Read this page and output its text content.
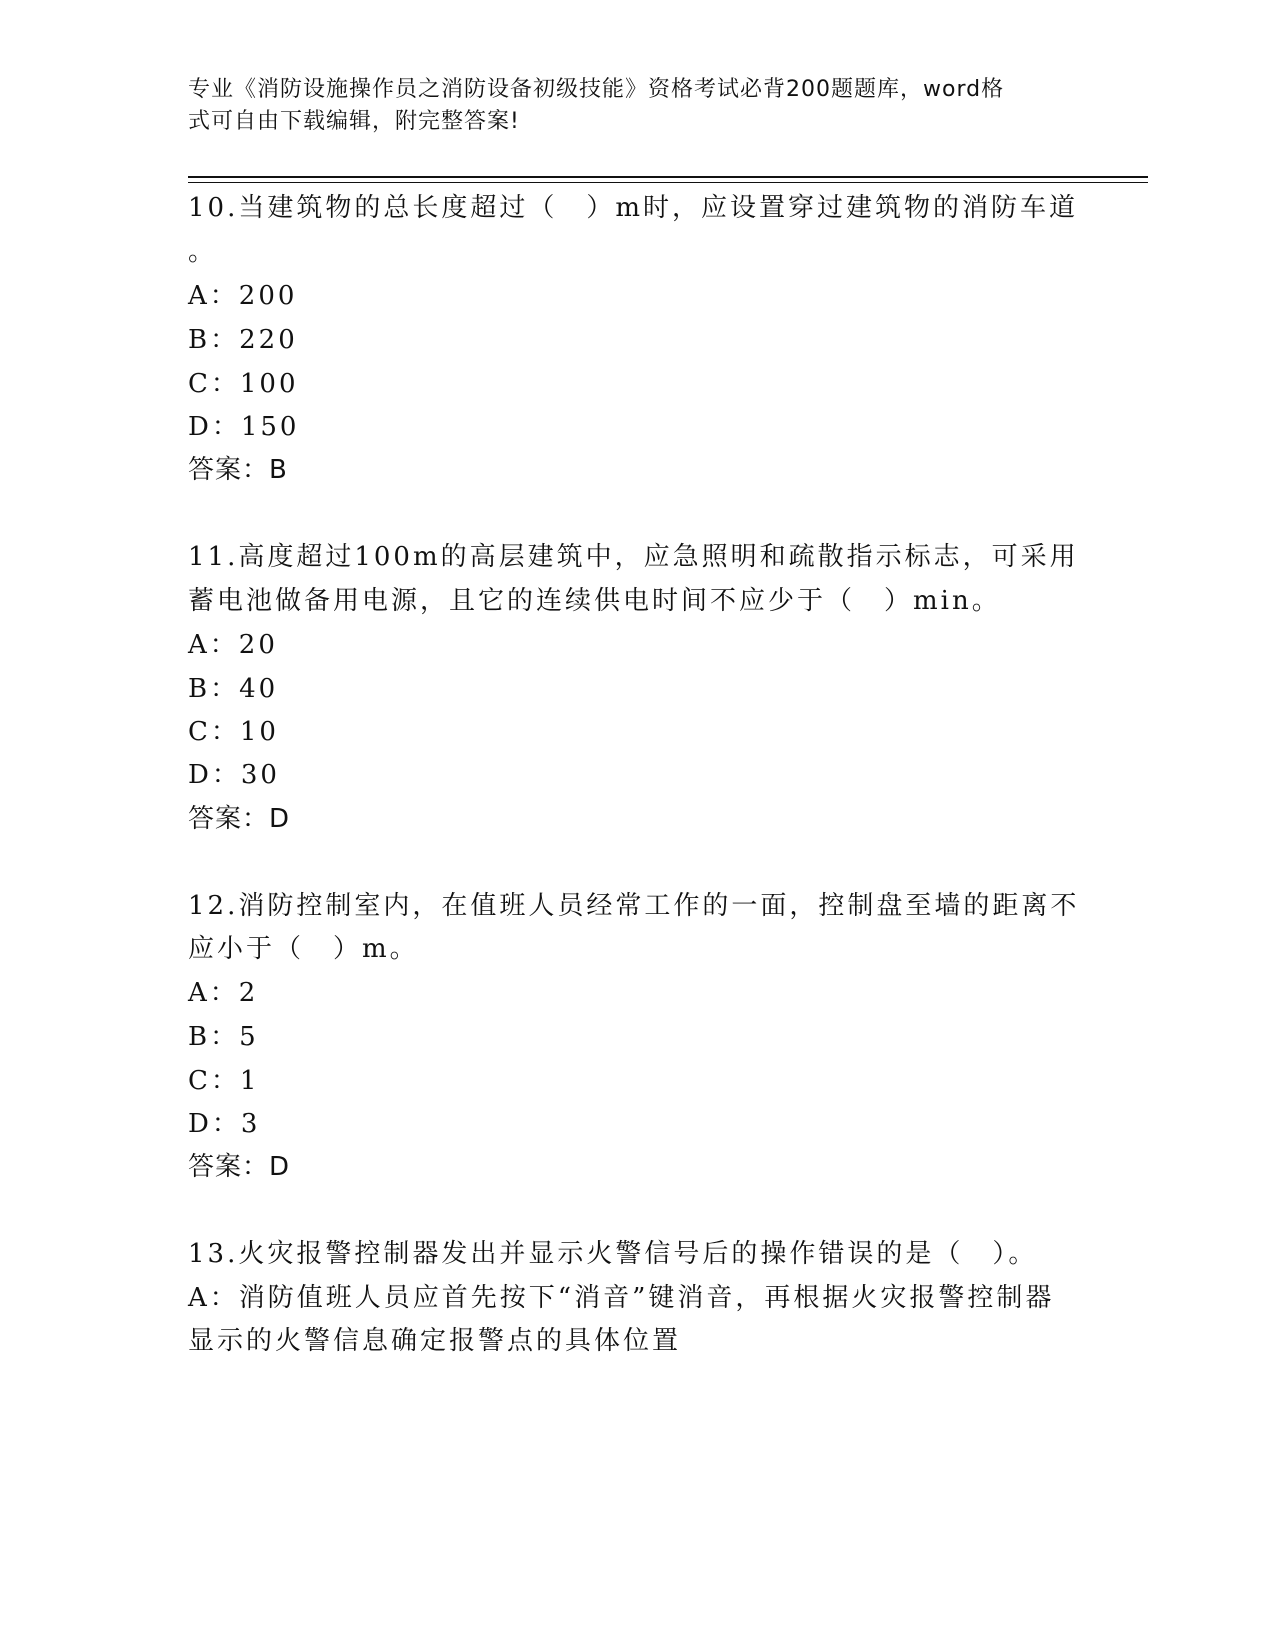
专业《消防设施操作员之消防设备初级技能》资格考试必背200题题库，word格
式可自由下载编辑，附完整答案!
10.当建筑物的总长度超过（　）m时，应设置穿过建筑物的消防车道
。
A：200
B：220
C：100
D：150
答案：B
11.高度超过100m的高层建筑中，应急照明和疏散指示标志，可采用
蓄电池做备用电源，且它的连续供电时间不应少于（　）min。
A：20
B：40
C：10
D：30
答案：D
12.消防控制室内，在值班人员经常工作的一面，控制盘至墙的距离不
应小于（　）m。
A：2
B：5
C：1
D：3
答案：D
13.火灾报警控制器发出并显示火警信号后的操作错误的是（　）。
A：消防值班人员应首先按下“消音”键消音，再根据火灾报警控制器
显示的火警信息确定报警点的具体位置
